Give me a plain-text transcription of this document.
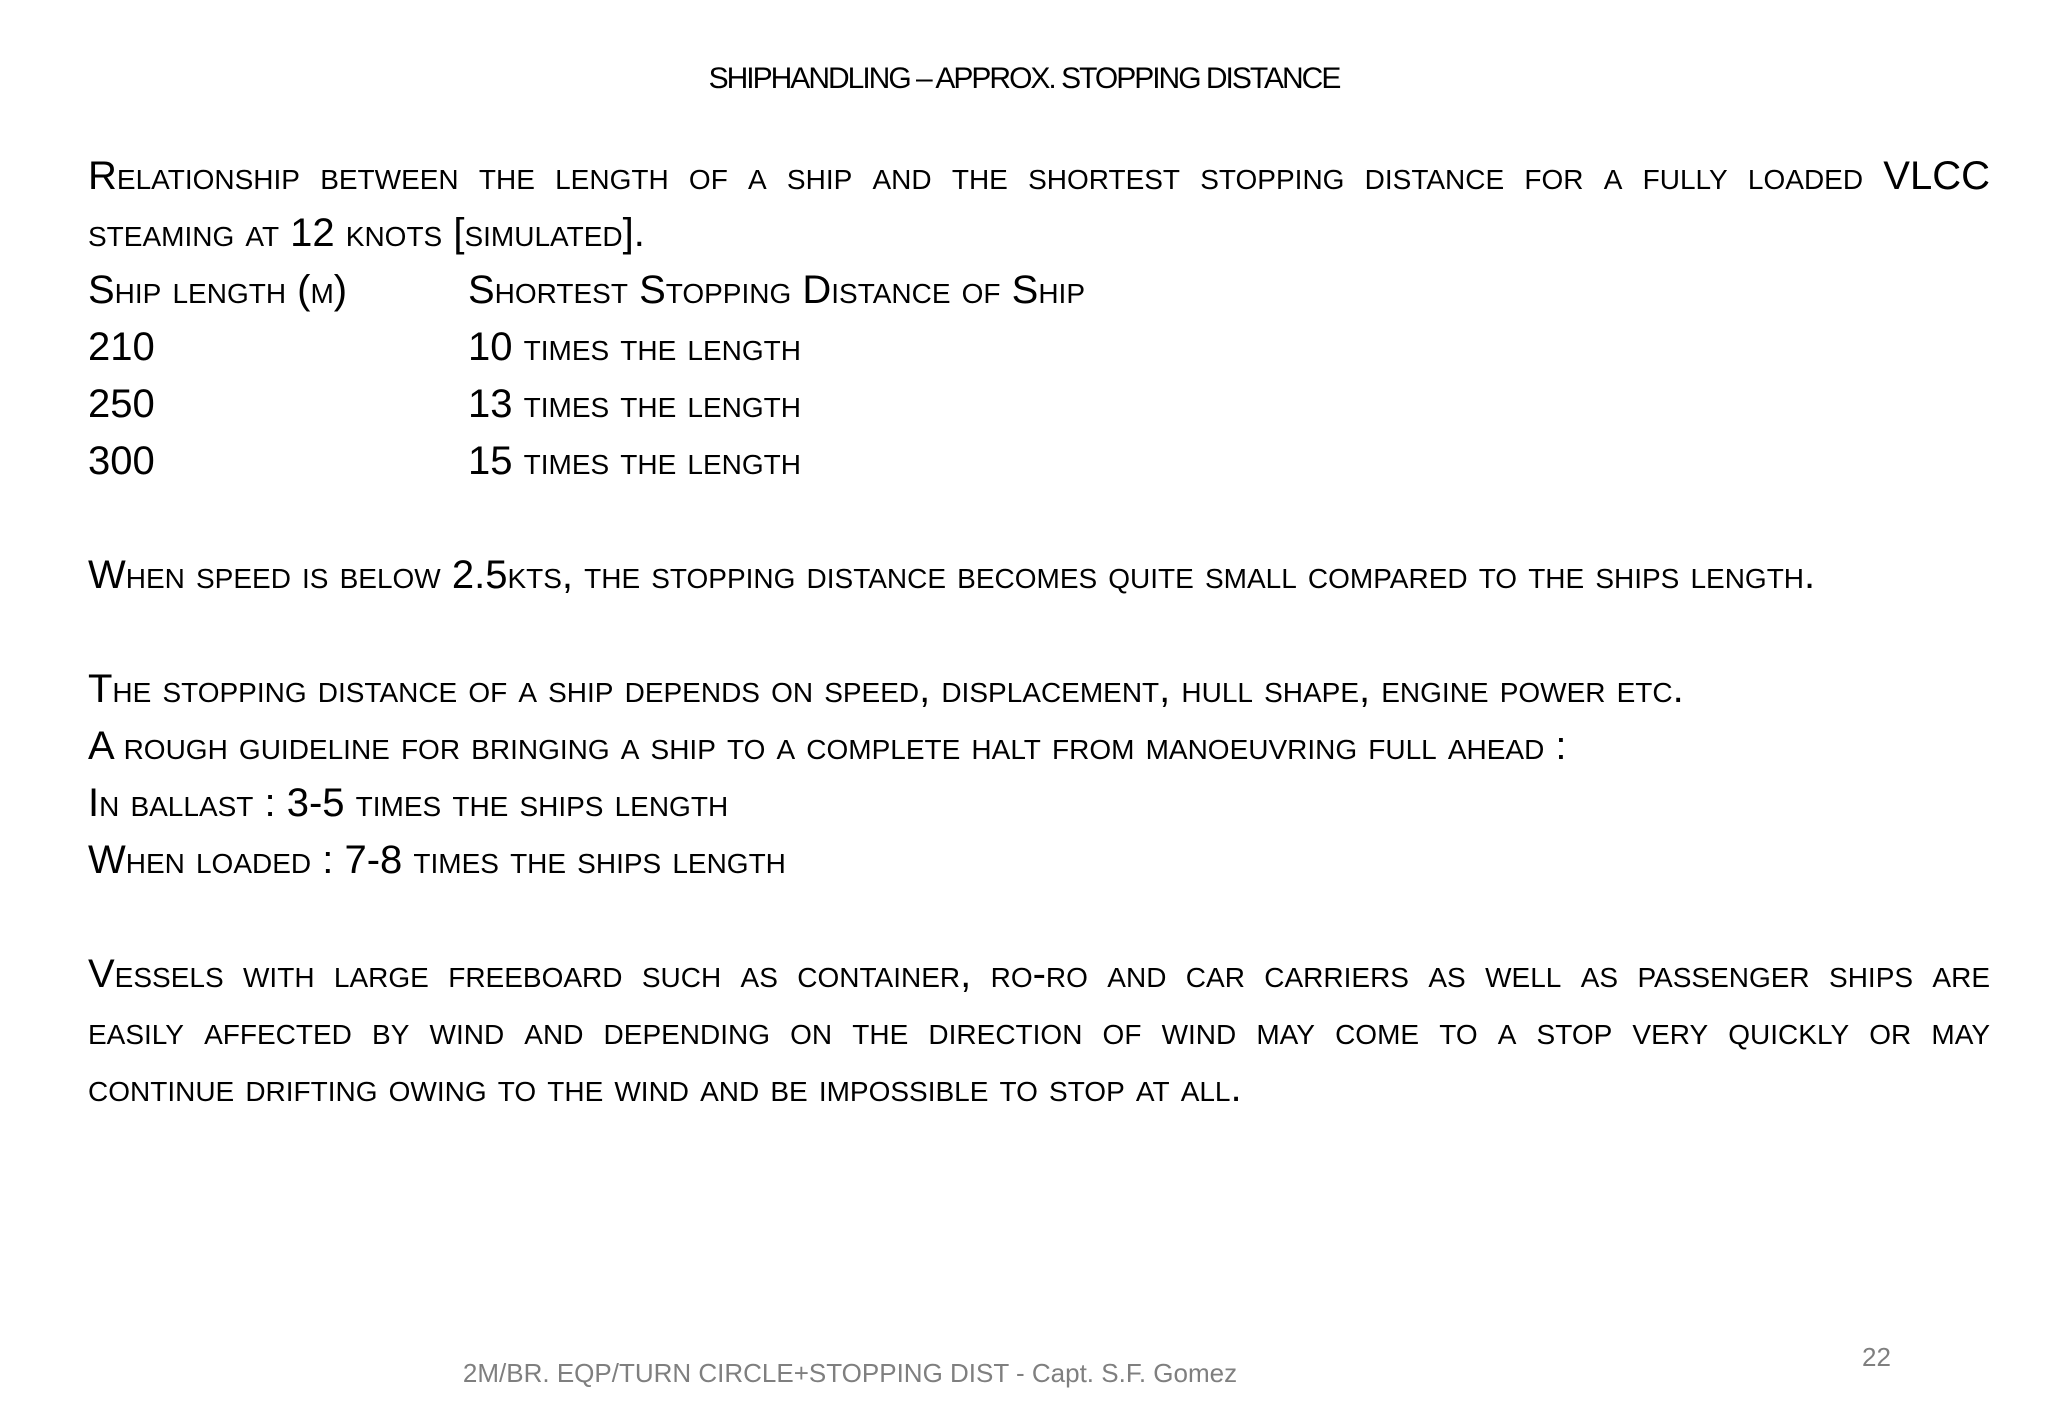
SHIPHANDLING – APPROX. STOPPING DISTANCE
Relationship between the length of a ship and the shortest stopping distance for a fully loaded VLCC
steaming at 12 knots [simulated].
Ship length (m)	Shortest Stopping Distance of Ship
210	10 times the length
250	13 times the length
300	15 times the length
When speed is below 2.5kts, the stopping distance becomes quite small compared to the ships length.
The stopping distance of a ship depends on speed, displacement, hull shape, engine power etc.
A rough guideline for bringing a ship to a complete halt from manoeuvring full ahead :
In ballast : 3-5 times the ships length
When loaded : 7-8 times the ships length
Vessels with large freeboard such as container, ro-ro and car carriers as well as passenger ships are
easily affected by wind and depending on the direction of wind may come to a stop very quickly or may
continue drifting owing to the wind and be impossible to stop at all.
2M/BR. EQP/TURN CIRCLE+STOPPING DIST - Capt. S.F. Gomez
22
